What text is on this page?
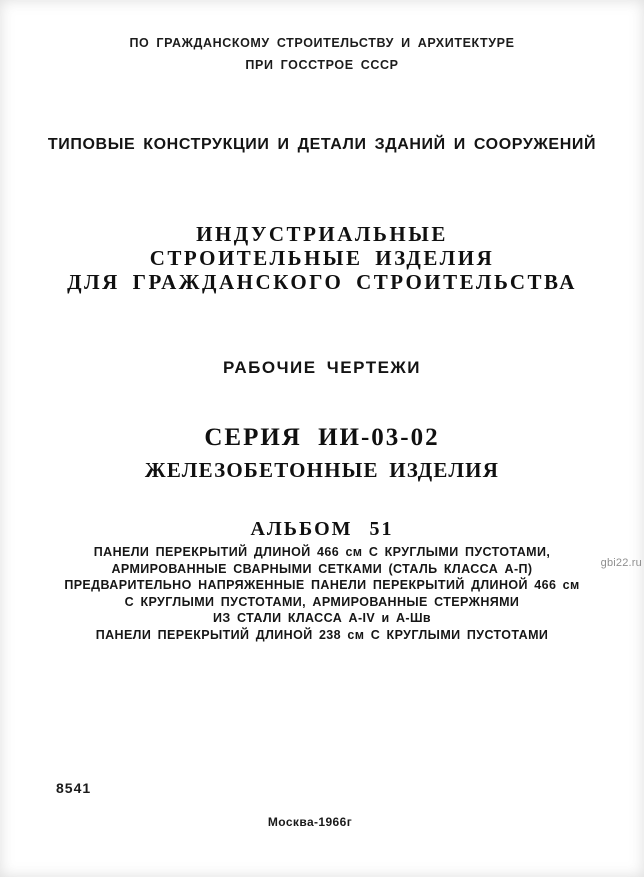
ПО ГРАЖДАНСКОМУ СТРОИТЕЛЬСТВУ И АРХИТЕКТУРЕ
ПРИ ГОССТРОЕ СССР
ТИПОВЫЕ КОНСТРУКЦИИ И ДЕТАЛИ ЗДАНИЙ И СООРУЖЕНИЙ
ИНДУСТРИАЛЬНЫЕ
СТРОИТЕЛЬНЫЕ ИЗДЕЛИЯ
ДЛЯ ГРАЖДАНСКОГО СТРОИТЕЛЬСТВА
РАБОЧИЕ ЧЕРТЕЖИ
СЕРИЯ ИИ-03-02
ЖЕЛЕЗОБЕТОННЫЕ ИЗДЕЛИЯ
АЛЬБОМ 51
ПАНЕЛИ ПЕРЕКРЫТИЙ ДЛИНОЙ 466 см С КРУГЛЫМИ ПУСТОТАМИ,
АРМИРОВАННЫЕ СВАРНЫМИ СЕТКАМИ (СТАЛЬ КЛАССА А-П)
ПРЕДВАРИТЕЛЬНО НАПРЯЖЕННЫЕ ПАНЕЛИ ПЕРЕКРЫТИЙ ДЛИНОЙ 466 см
С КРУГЛЫМИ ПУСТОТАМИ, АРМИРОВАННЫЕ СТЕРЖНЯМИ
ИЗ СТАЛИ КЛАССА А-IV и А-Шв
ПАНЕЛИ ПЕРЕКРЫТИЙ ДЛИНОЙ 238 см С КРУГЛЫМИ ПУСТОТАМИ
gbi22.ru
8541
Москва-1966г
